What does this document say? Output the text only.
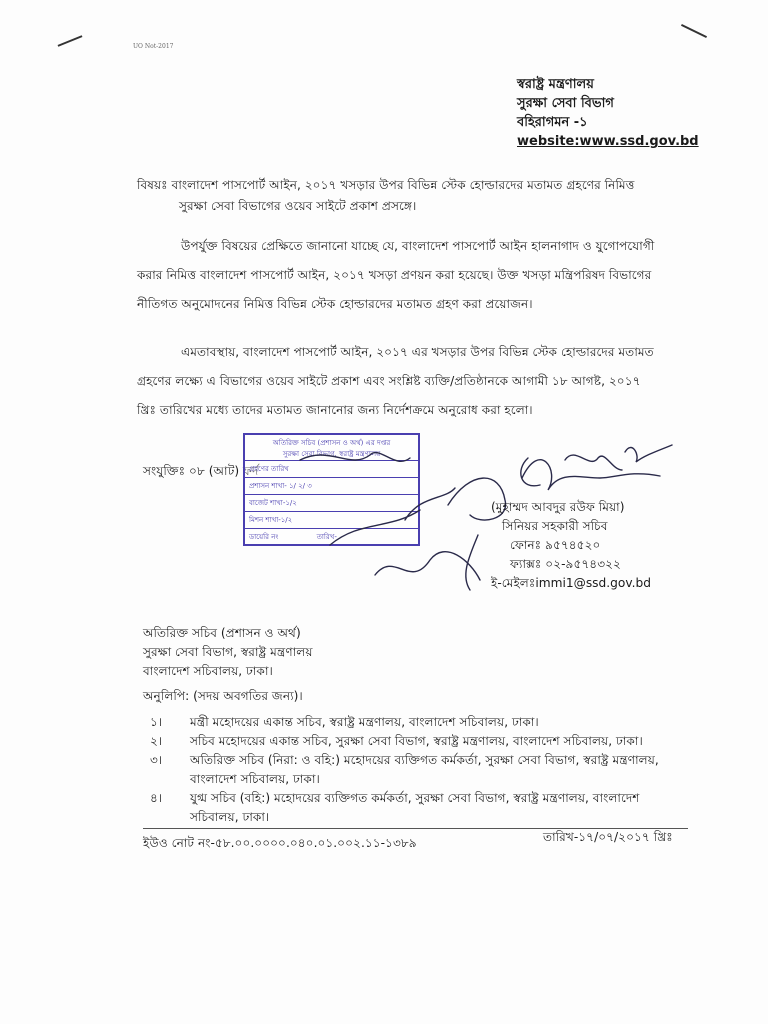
UO Not-2017
স্বরাষ্ট্র মন্ত্রণালয়
সুরক্ষা সেবা বিভাগ
বহিরাগমন -১
website:www.ssd.gov.bd
বিষয়ঃ বাংলাদেশ পাসপোর্ট আইন, ২০১৭ খসড়ার উপর বিভিন্ন স্টেক হোল্ডারদের মতামত গ্রহণের নিমিত্ত
সুরক্ষা সেবা বিভাগের ওয়েব সাইটে প্রকাশ প্রসঙ্গে।
উপর্যুক্ত বিষয়ের প্রেক্ষিতে জানানো যাচ্ছে যে, বাংলাদেশ পাসপোর্ট আইন হালনাগাদ ও যুগোপযোগী
করার নিমিত্ত বাংলাদেশ পাসপোর্ট আইন, ২০১৭ খসড়া প্রণয়ন করা হয়েছে। উক্ত খসড়া মন্ত্রিপরিষদ বিভাগের
নীতিগত অনুমোদনের নিমিত্ত বিভিন্ন স্টেক হোল্ডারদের মতামত গ্রহণ করা প্রয়োজন।
এমতাবস্থায়, বাংলাদেশ পাসপোর্ট আইন, ২০১৭ এর খসড়ার উপর বিভিন্ন স্টেক হোল্ডারদের মতামত
গ্রহণের লক্ষ্যে এ বিভাগের ওয়েব সাইটে প্রকাশ এবং সংশ্লিষ্ট ব্যক্তি/প্রতিষ্ঠানকে আগামী ১৮ আগষ্ট, ২০১৭
খ্রিঃ তারিখের মধ্যে তাদের মতামত জানানোর জন্য নির্দেশক্রমে অনুরোধ করা হলো।
সংযুক্তিঃ ০৮ (আট) ফর্দ
অতিরিক্ত সচিব (প্রশাসন ও অর্থ) এর দপ্তর
সুরক্ষা সেবা বিভাগ, স্বরাষ্ট্র মন্ত্রণালয়
গ্রহণের তারিখ
প্রশাসন শাখা- ১/ ২/ ৩
বাজেট শাখা-১/২
মিশন শাখা-১/২
ডায়েরি নং	তারিখ-
(মুহাম্মদ আবদুর রউফ মিয়া)
সিনিয়র সহকারী সচিব
ফোনঃ ৯৫৭৪৫২০
ফ্যাক্সঃ ০২-৯৫৭৪৩২২
ই-মেইলঃimmi1@ssd.gov.bd
অতিরিক্ত সচিব (প্রশাসন ও অর্থ)
সুরক্ষা সেবা বিভাগ, স্বরাষ্ট্র মন্ত্রণালয়
বাংলাদেশ সচিবালয়, ঢাকা।
অনুলিপি: (সদয় অবগতির জন্য)।
১।	মন্ত্রী মহোদয়ের একান্ত সচিব, স্বরাষ্ট্র মন্ত্রণালয়, বাংলাদেশ সচিবালয়, ঢাকা।
২।	সচিব মহোদয়ের একান্ত সচিব, সুরক্ষা সেবা বিভাগ, স্বরাষ্ট্র মন্ত্রণালয়, বাংলাদেশ সচিবালয়, ঢাকা।
৩।	অতিরিক্ত সচিব (নিরা: ও বহি:) মহোদয়ের ব্যক্তিগত কর্মকর্তা, সুরক্ষা সেবা বিভাগ, স্বরাষ্ট্র মন্ত্রণালয়,
বাংলাদেশ সচিবালয়, ঢাকা।
৪।	যুগ্ম সচিব (বহি:) মহোদয়ের ব্যক্তিগত কর্মকর্তা, সুরক্ষা সেবা বিভাগ, স্বরাষ্ট্র মন্ত্রণালয়, বাংলাদেশ
সচিবালয়, ঢাকা।
ইউও নোট নং-৫৮.০০.০০০০.০৪০.০১.০০২.১১-১৩৮৯	তারিখ-১৭/০৭/২০১৭ খ্রিঃ
